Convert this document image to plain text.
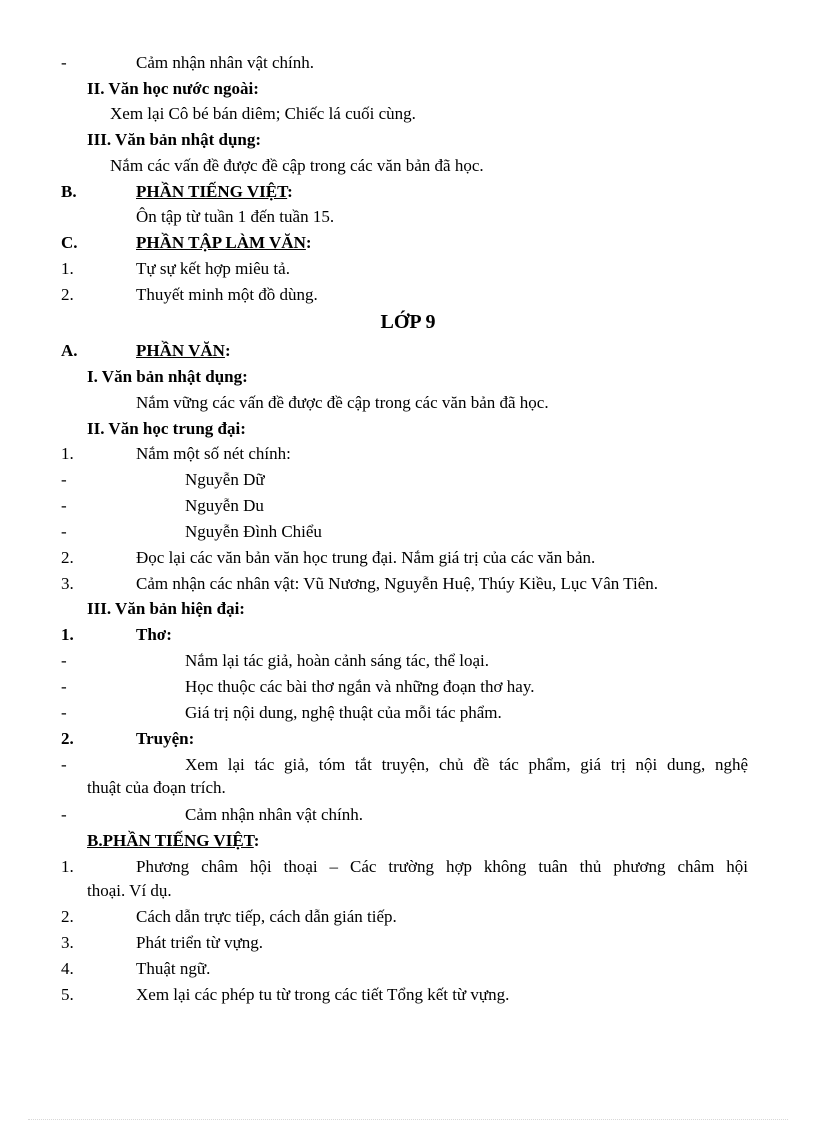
-	Cảm nhận nhân vật chính.
II. Văn học nước ngoài:
Xem lại Cô bé bán diêm; Chiếc lá cuối cùng.
III. Văn bản nhật dụng:
Nắm các vấn đề được đề cập trong các văn bản đã học.
B.	PHẦN TIẾNG VIỆT:
Ôn tập từ tuần 1 đến tuần 15.
C.	PHẦN TẬP LÀM VĂN:
1.	Tự sự kết hợp miêu tả.
2.	Thuyết minh một đồ dùng.
LỚP 9
A.	PHẦN VĂN:
I. Văn bản nhật dụng:
Nắm vững các vấn đề được đề cập trong các văn bản đã học.
II. Văn học trung đại:
1.	Nắm một số nét chính:
-	Nguyễn Dữ
-	Nguyễn Du
-	Nguyễn Đình Chiểu
2.	Đọc lại các văn bản văn học trung đại. Nắm giá trị của các văn bản.
3.	Cảm nhận các nhân vật: Vũ Nương, Nguyễn Huệ, Thúy Kiều, Lục Vân Tiên.
III. Văn bản hiện đại:
1.	Thơ:
-	Nắm lại tác giả, hoàn cảnh sáng tác, thể loại.
-	Học thuộc các bài thơ ngắn và những đoạn thơ hay.
-	Giá trị nội dung, nghệ thuật của mỗi tác phẩm.
2.	Truyện:
-	Xem lại tác giả, tóm tắt truyện, chủ đề tác phẩm, giá trị nội dung, nghệ
thuật của đoạn trích.
-	Cảm nhận nhân vật chính.
B.PHẦN TIẾNG VIỆT:
1.	Phương châm hội thoại – Các trường hợp không tuân thủ phương châm hội
thoại. Ví dụ.
2.	Cách dẫn trực tiếp, cách dẫn gián tiếp.
3.	Phát triển từ vựng.
4.	Thuật ngữ.
5.	Xem lại các phép tu từ trong các tiết Tổng kết từ vựng.
